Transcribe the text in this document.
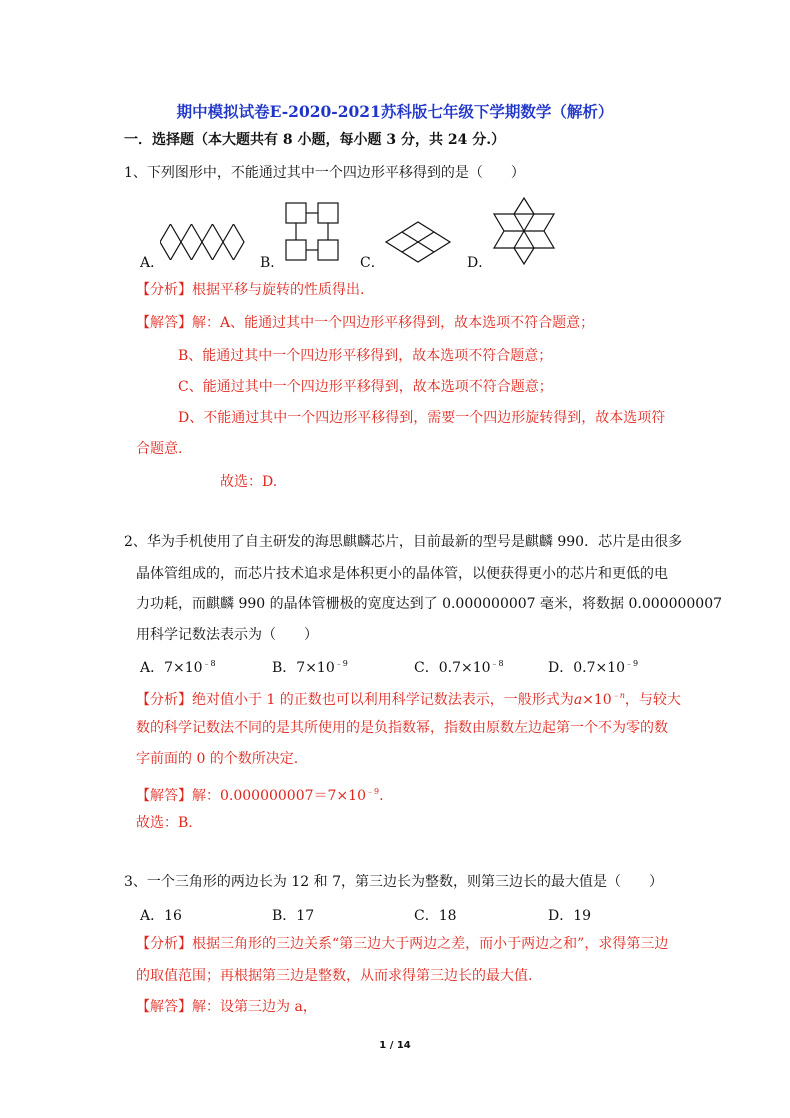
期中模拟试卷E-2020-2021苏科版七年级下学期数学（解析）
一．选择题（本大题共有 8 小题，每小题 3 分，共 24 分.）
1、下列图形中，不能通过其中一个四边形平移得到的是（　　）
A．	B．	C．	D．
【分析】根据平移与旋转的性质得出.
【解答】解：A、能通过其中一个四边形平移得到，故本选项不符合题意；
B、能通过其中一个四边形平移得到，故本选项不符合题意；
C、能通过其中一个四边形平移得到，故本选项不符合题意；
D、不能通过其中一个四边形平移得到，需要一个四边形旋转得到，故本选项符
合题意.
故选：D.
2、华为手机使用了自主研发的海思麒麟芯片，目前最新的型号是麒麟 990．芯片是由很多
晶体管组成的，而芯片技术追求是体积更小的晶体管，以便获得更小的芯片和更低的电
力功耗，而麒麟 990 的晶体管栅极的宽度达到了 0.000000007 毫米，将数据 0.000000007
用科学记数法表示为（　　）
A．$7\times 10^{﹣8}$	B．$7\times 10^{﹣9}$	C．$0.7\times 10^{﹣8}$	D．$0.7\times 10^{﹣9}$
【分析】绝对值小于 1 的正数也可以利用科学记数法表示，一般形式为$a\times 10^{﹣n}$，与较大
数的科学记数法不同的是其所使用的是负指数幂，指数由原数左边起第一个不为零的数
字前面的 0 的个数所决定.
【解答】解：$0.000000007=7\times 10^{﹣9}$.
故选：B.
3、一个三角形的两边长为 12 和 7，第三边长为整数，则第三边长的最大值是（　　）
A．16	B．17	C．18	D．19
【分析】根据三角形的三边关系“第三边大于两边之差，而小于两边之和”，求得第三边
的取值范围；再根据第三边是整数，从而求得第三边长的最大值.
【解答】解：设第三边为 a，
1 / 14
